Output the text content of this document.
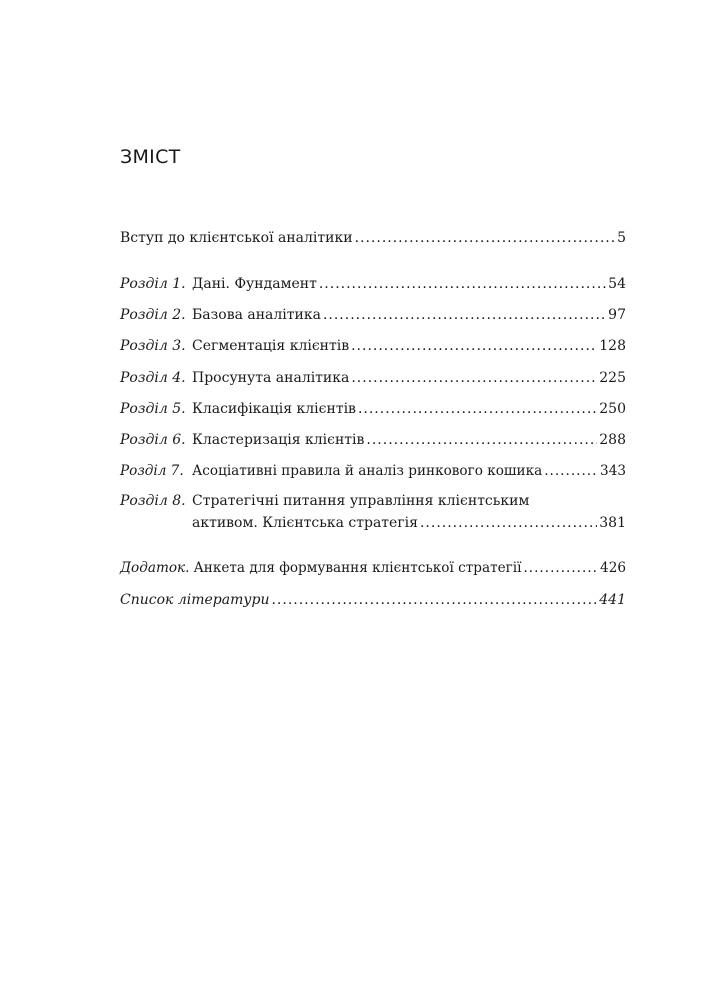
ЗМІСТ
Вступ до клієнтської аналітики .....	5
Розділ 1. Дані. Фундамент .....	54
Розділ 2. Базова аналітика .....	97
Розділ 3. Сегментація клієнтів .....	128
Розділ 4. Просунута аналітика .....	225
Розділ 5. Класифікація клієнтів .....	250
Розділ 6. Кластеризація клієнтів .....	288
Розділ 7. Асоціативні правила й аналіз ринкового кошика .....	343
Розділ 8. Стратегічні питання управління клієнтським
активом. Клієнтська стратегія .....	381
Додаток. Анкета для формування клієнтської стратегії .....	426
Список літератури .....	441
